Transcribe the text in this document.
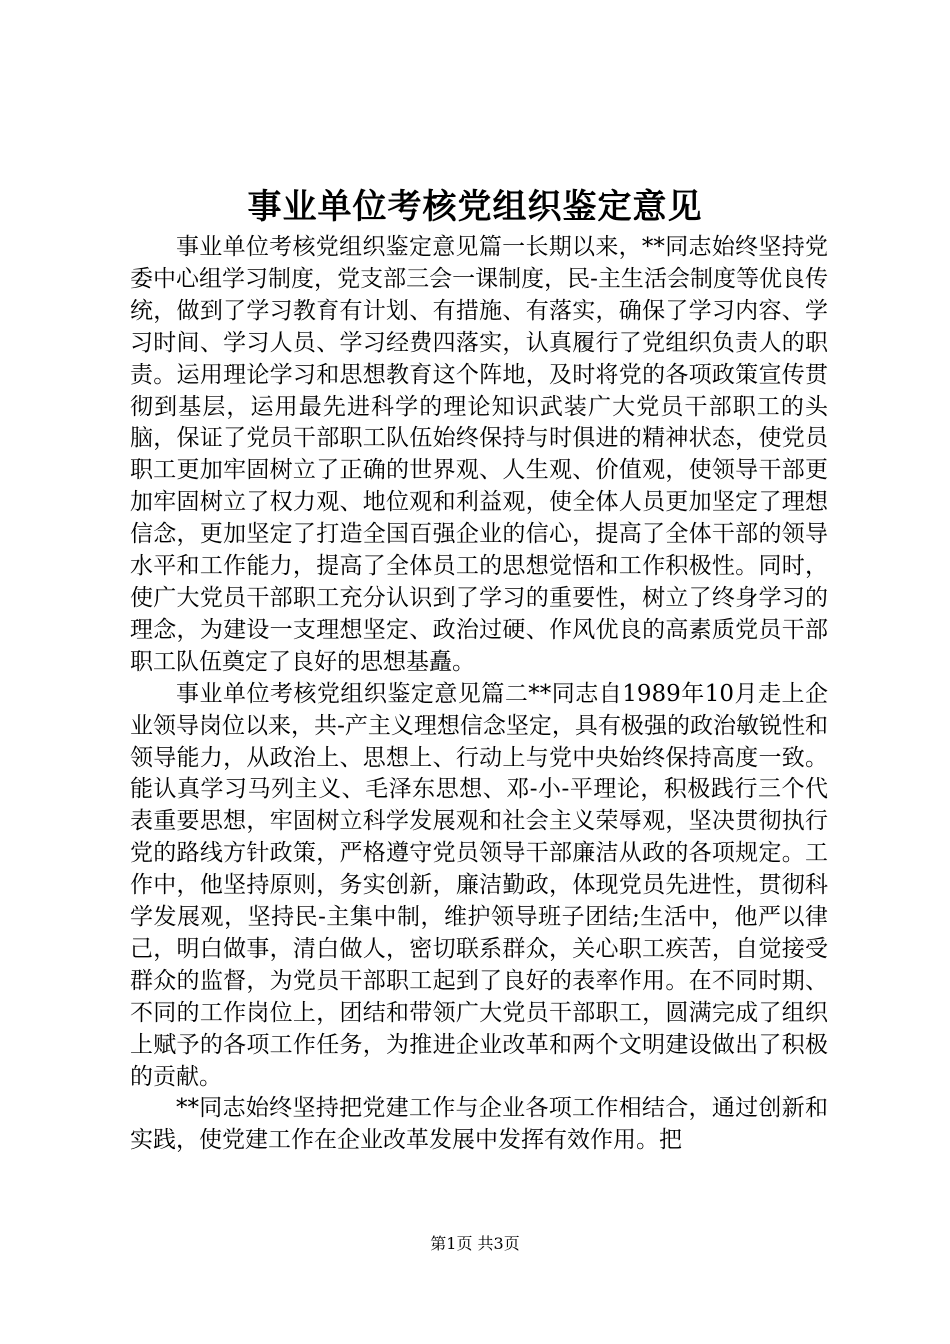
事业单位考核党组织鉴定意见

事业单位考核党组织鉴定意见篇一长期以来，**同志始终坚持党委中心组学习制度，党支部三会一课制度，民-主生活会制度等优良传统，做到了学习教育有计划、有措施、有落实，确保了学习内容、学习时间、学习人员、学习经费四落实，认真履行了党组织负责人的职责。运用理论学习和思想教育这个阵地，及时将党的各项政策宣传贯彻到基层，运用最先进科学的理论知识武装广大党员干部职工的头脑，保证了党员干部职工队伍始终保持与时俱进的精神状态，使党员职工更加牢固树立了正确的世界观、人生观、价值观，使领导干部更加牢固树立了权力观、地位观和利益观，使全体人员更加坚定了理想信念，更加坚定了打造全国百强企业的信心，提高了全体干部的领导水平和工作能力，提高了全体员工的思想觉悟和工作积极性。同时，使广大党员干部职工充分认识到了学习的重要性，树立了终身学习的理念，为建设一支理想坚定、政治过硬、作风优良的高素质党员干部职工队伍奠定了良好的思想基矗。

事业单位考核党组织鉴定意见篇二**同志自1989年10月走上企业领导岗位以来，共-产主义理想信念坚定，具有极强的政治敏锐性和领导能力，从政治上、思想上、行动上与党中央始终保持高度一致。能认真学习马列主义、毛泽东思想、邓-小-平理论，积极践行三个代表重要思想，牢固树立科学发展观和社会主义荣辱观，坚决贯彻执行党的路线方针政策，严格遵守党员领导干部廉洁从政的各项规定。工作中，他坚持原则，务实创新，廉洁勤政，体现党员先进性，贯彻科学发展观，坚持民-主集中制，维护领导班子团结;生活中，他严以律己，明白做事，清白做人，密切联系群众，关心职工疾苦，自觉接受群众的监督，为党员干部职工起到了良好的表率作用。在不同时期、不同的工作岗位上，团结和带领广大党员干部职工，圆满完成了组织上赋予的各项工作任务，为推进企业改革和两个文明建设做出了积极的贡献。

**同志始终坚持把党建工作与企业各项工作相结合，通过创新和实践，使党建工作在企业改革发展中发挥有效作用。把

第1页 共3页
